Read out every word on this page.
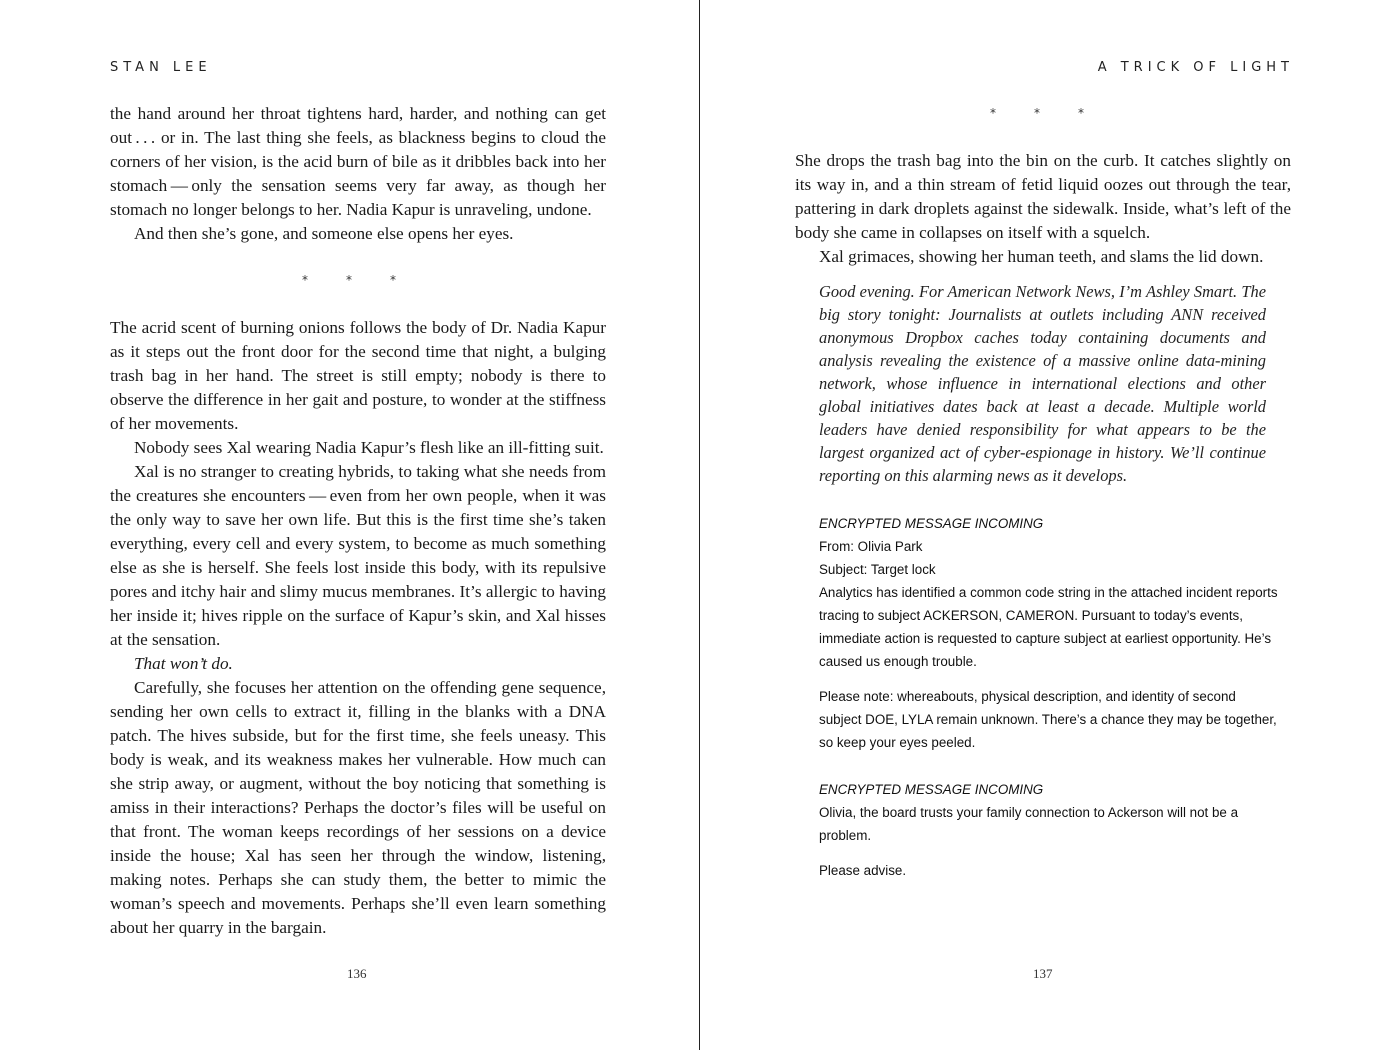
STAN LEE

the hand around her throat tightens hard, harder, and nothing can get out . . . or in. The last thing she feels, as blackness begins to cloud the corners of her vision, is the acid burn of bile as it dribbles back into her stomach — only the sensation seems very far away, as though her stomach no longer belongs to her. Nadia Kapur is unraveling, undone.

And then she’s gone, and someone else opens her eyes.

*	*	*

The acrid scent of burning onions follows the body of Dr. Nadia Kapur as it steps out the front door for the second time that night, a bulging trash bag in her hand. The street is still empty; nobody is there to observe the difference in her gait and posture, to wonder at the stiffness of her movements.

Nobody sees Xal wearing Nadia Kapur’s flesh like an ill-fitting suit.

Xal is no stranger to creating hybrids, to taking what she needs from the creatures she encounters — even from her own people, when it was the only way to save her own life. But this is the first time she’s taken everything, every cell and every system, to become as much something else as she is herself. She feels lost inside this body, with its repulsive pores and itchy hair and slimy mucus membranes. It’s allergic to having her inside it; hives ripple on the surface of Kapur’s skin, and Xal hisses at the sensation.

That won’t do.

Carefully, she focuses her attention on the offending gene sequence, sending her own cells to extract it, filling in the blanks with a DNA patch. The hives subside, but for the first time, she feels uneasy. This body is weak, and its weakness makes her vulnerable. How much can she strip away, or augment, without the boy noticing that something is amiss in their interactions? Perhaps the doctor’s files will be useful on that front. The woman keeps recordings of her sessions on a device inside the house; Xal has seen her through the window, listening, making notes. Perhaps she can study them, the better to mimic the woman’s speech and movements. Perhaps she’ll even learn something about her quarry in the bargain.

136
A TRICK OF LIGHT
*	*	*

She drops the trash bag into the bin on the curb. It catches slightly on its way in, and a thin stream of fetid liquid oozes out through the tear, pattering in dark droplets against the sidewalk. Inside, what’s left of the body she came in collapses on itself with a squelch.

Xal grimaces, showing her human teeth, and slams the lid down.

Good evening. For American Network News, I’m Ashley Smart. The big story tonight: Journalists at outlets including ANN received anonymous Dropbox caches today containing documents and analysis revealing the existence of a massive online data-mining network, whose influence in international elections and other global initiatives dates back at least a decade. Multiple world leaders have denied responsibility for what appears to be the largest organized act of cyber-espionage in history. We’ll continue reporting on this alarming news as it develops.

ENCRYPTED MESSAGE INCOMING

From: Olivia Park

Subject: Target lock

Analytics has identified a common code string in the attached incident reports tracing to subject ACKERSON, CAMERON. Pursuant to today’s events, immediate action is requested to capture subject at earliest opportunity. He’s caused us enough trouble.

Please note: whereabouts, physical description, and identity of second subject DOE, LYLA remain unknown. There’s a chance they may be together, so keep your eyes peeled.

ENCRYPTED MESSAGE INCOMING

Olivia, the board trusts your family connection to Ackerson will not be a problem.

Please advise.

137
